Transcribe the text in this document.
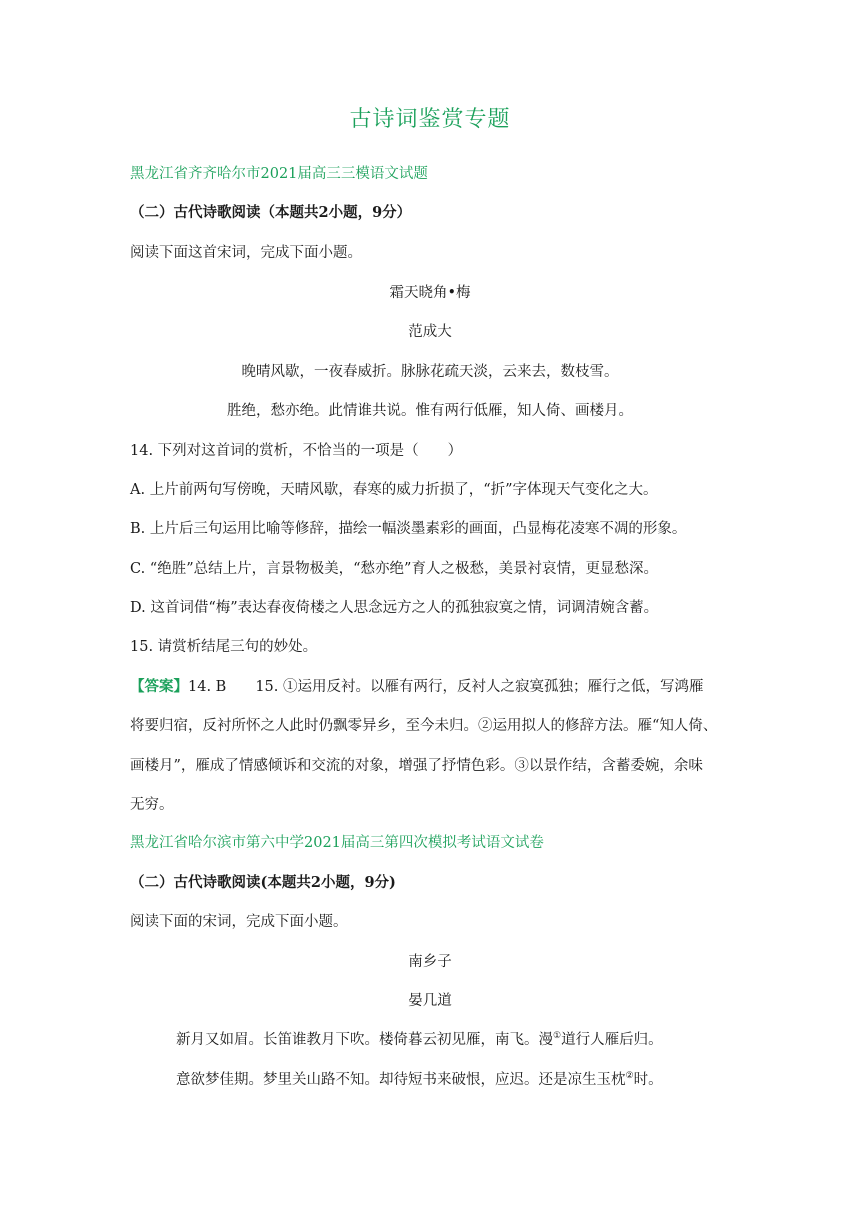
古诗词鉴赏专题
黑龙江省齐齐哈尔市2021届高三三模语文试题
（二）古代诗歌阅读（本题共2小题，9分）
阅读下面这首宋词，完成下面小题。
霜天晓角•梅
范成大
晚晴风歇，一夜春威折。脉脉花疏天淡，云来去，数枝雪。
胜绝，愁亦绝。此情谁共说。惟有两行低雁，知人倚、画楼月。
14. 下列对这首词的赏析，不恰当的一项是（　　）
A. 上片前两句写傍晚，天晴风歇，春寒的威力折损了，“折”字体现天气变化之大。
B. 上片后三句运用比喻等修辞，描绘一幅淡墨素彩的画面，凸显梅花凌寒不凋的形象。
C. “绝胜”总结上片，言景物极美，“愁亦绝”育人之极愁，美景衬哀情，更显愁深。
D. 这首词借“梅”表达春夜倚楼之人思念远方之人的孤独寂寞之情，词调清婉含蓄。
15. 请赏析结尾三句的妙处。
【答案】14. B　　15. ①运用反衬。以雁有两行，反衬人之寂寞孤独；雁行之低，写鸿雁
将要归宿，反衬所怀之人此时仍飘零异乡，至今未归。②运用拟人的修辞方法。雁“知人倚、
画楼月”，雁成了情感倾诉和交流的对象，增强了抒情色彩。③以景作结，含蓄委婉，余味
无穷。
黑龙江省哈尔滨市第六中学2021届高三第四次模拟考试语文试卷
（二）古代诗歌阅读(本题共2小题，9分)
阅读下面的宋词，完成下面小题。
南乡子
晏几道
新月又如眉。长笛谁教月下吹。楼倚暮云初见雁，南飞。漫①道行人雁后归。
意欲梦佳期。梦里关山路不知。却待短书来破恨，应迟。还是凉生玉枕②时。
